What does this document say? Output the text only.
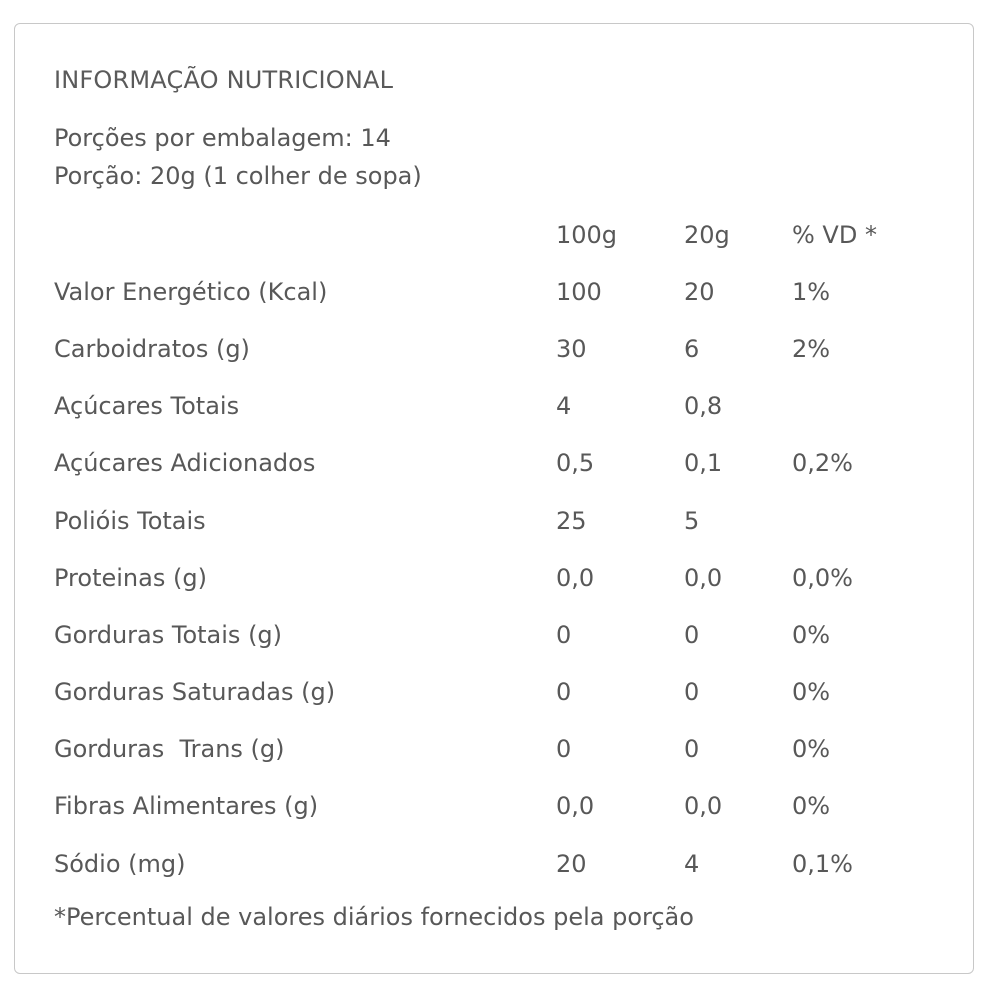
INFORMAÇÃO NUTRICIONAL
Porções por embalagem: 14
Porção: 20g (1 colher de sopa)
	100g	20g	% VD *
Valor Energético (Kcal)	100	20	1%
Carboidratos (g)	30	6	2%
Açúcares Totais	4	0,8	
Açúcares Adicionados	0,5	0,1	0,2%
Polióis Totais	25	5	
Proteinas (g)	0,0	0,0	0,0%
Gorduras Totais (g)	0	0	0%
Gorduras Saturadas (g)	0	0	0%
Gorduras  Trans (g)	0	0	0%
Fibras Alimentares (g)	0,0	0,0	0%
Sódio (mg)	20	4	0,1%
*Percentual de valores diários fornecidos pela porção
